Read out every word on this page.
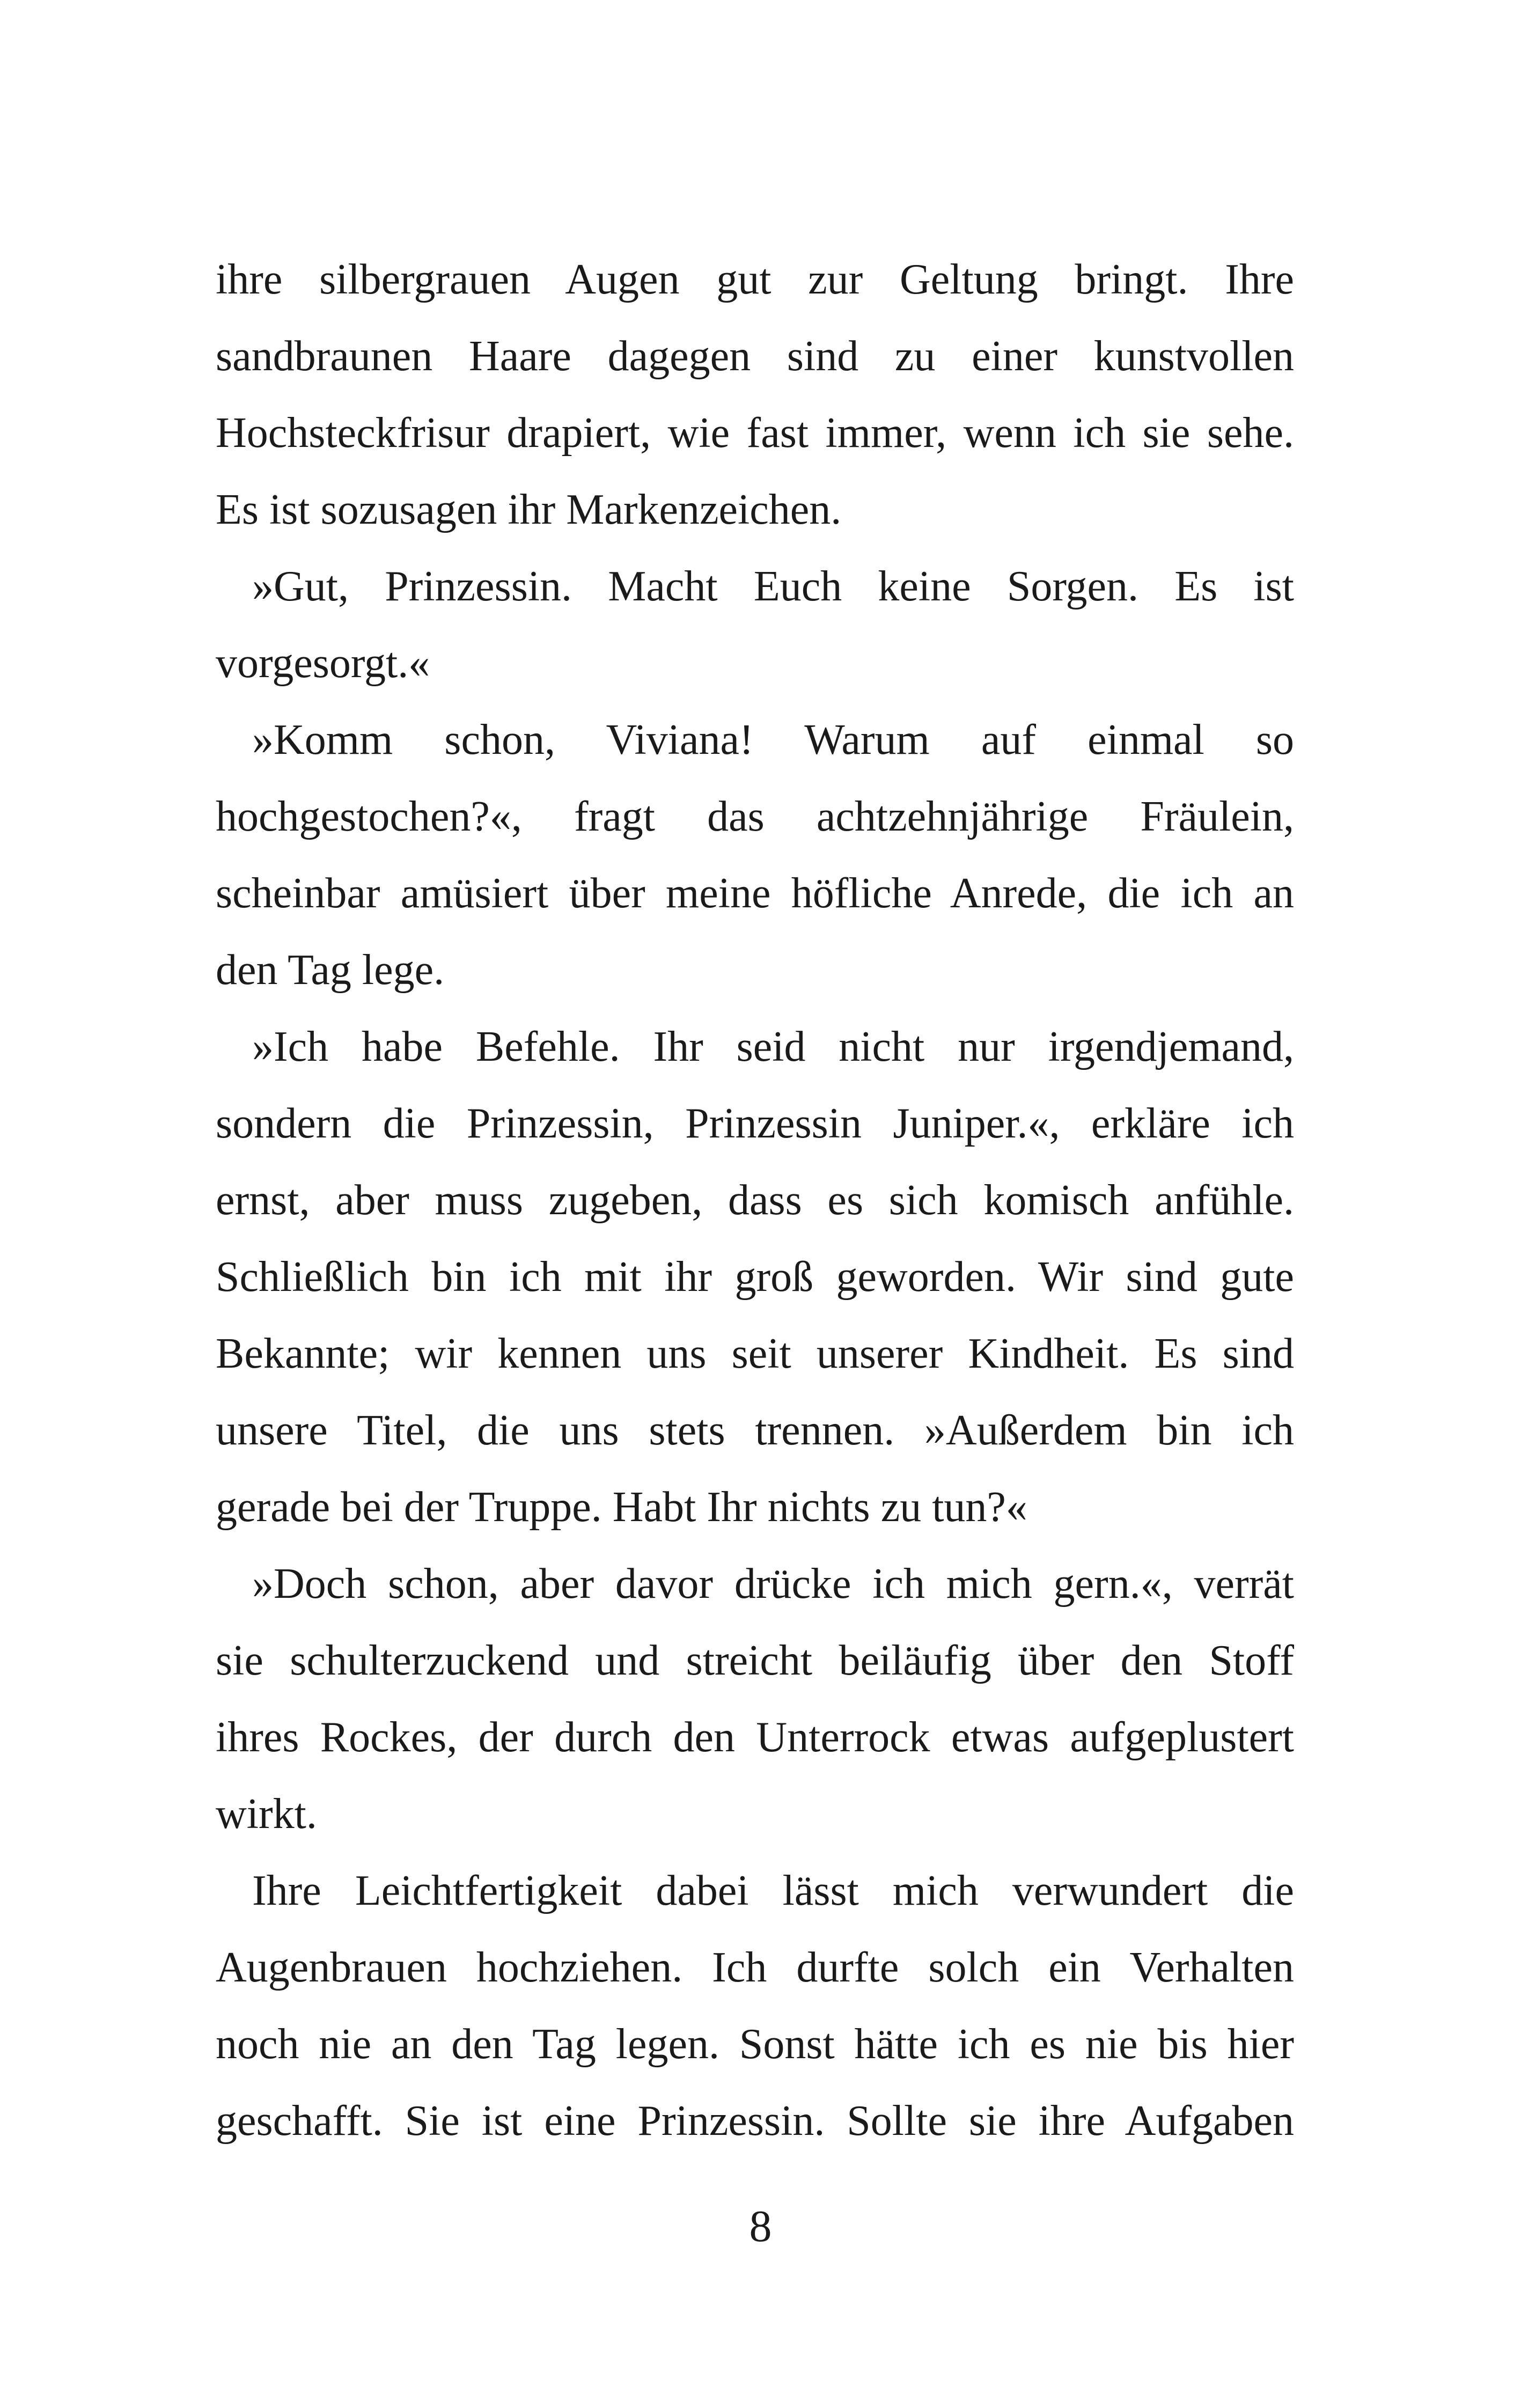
ihre silbergrauen Augen gut zur Geltung bringt. Ihre
sandbraunen Haare dagegen sind zu einer kunstvollen
Hochsteckfrisur drapiert, wie fast immer, wenn ich sie sehe.
Es ist sozusagen ihr Markenzeichen.
»Gut, Prinzessin. Macht Euch keine Sorgen. Es ist
vorgesorgt.«
»Komm schon, Viviana! Warum auf einmal so
hochgestochen?«, fragt das achtzehnjährige Fräulein,
scheinbar amüsiert über meine höfliche Anrede, die ich an
den Tag lege.
»Ich habe Befehle. Ihr seid nicht nur irgendjemand,
sondern die Prinzessin, Prinzessin Juniper.«, erkläre ich
ernst, aber muss zugeben, dass es sich komisch anfühle.
Schließlich bin ich mit ihr groß geworden. Wir sind gute
Bekannte; wir kennen uns seit unserer Kindheit. Es sind
unsere Titel, die uns stets trennen. »Außerdem bin ich
gerade bei der Truppe. Habt Ihr nichts zu tun?«
»Doch schon, aber davor drücke ich mich gern.«, verrät
sie schulterzuckend und streicht beiläufig über den Stoff
ihres Rockes, der durch den Unterrock etwas aufgeplustert
wirkt.
Ihre Leichtfertigkeit dabei lässt mich verwundert die
Augenbrauen hochziehen. Ich durfte solch ein Verhalten
noch nie an den Tag legen. Sonst hätte ich es nie bis hier
geschafft. Sie ist eine Prinzessin. Sollte sie ihre Aufgaben
8
